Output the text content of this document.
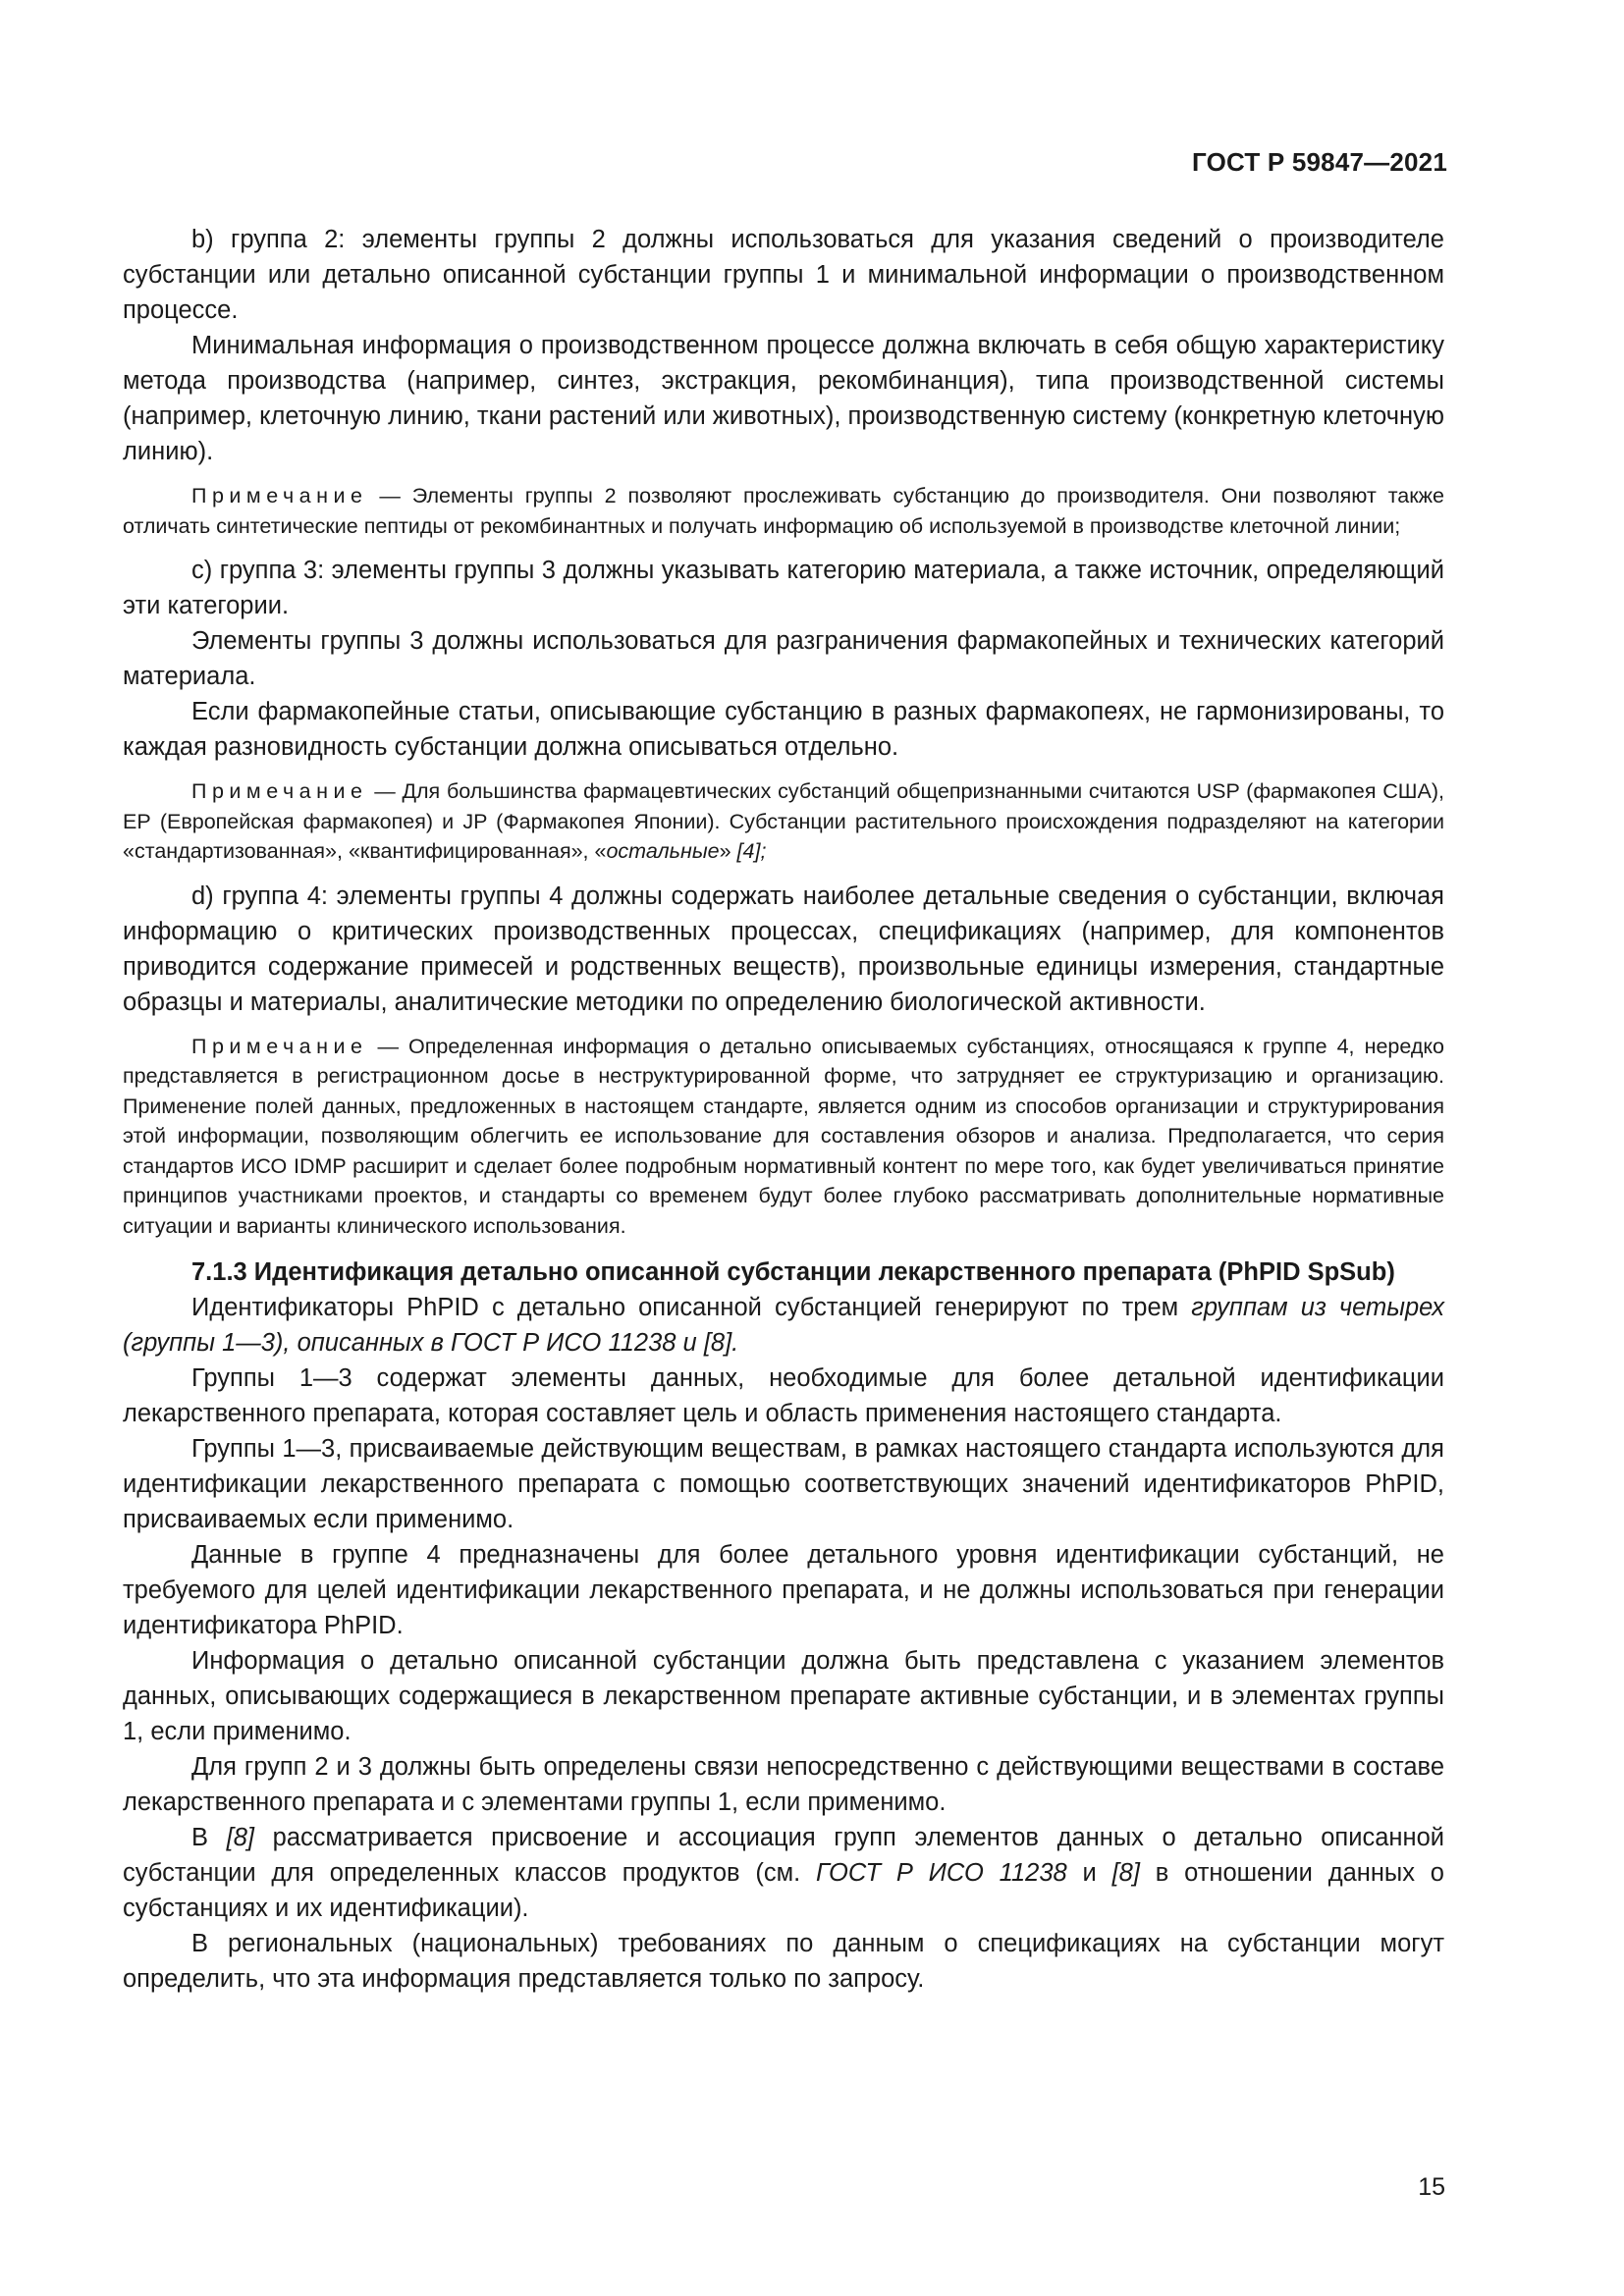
ГОСТ Р 59847—2021

b) группа 2: элементы группы 2 должны использоваться для указания сведений о производителе субстанции или детально описанной субстанции группы 1 и минимальной информации о производственном процессе.

Минимальная информация о производственном процессе должна включать в себя общую характеристику метода производства (например, синтез, экстракция, рекомбинанция), типа производственной системы (например, клеточную линию, ткани растений или животных), производственную систему (конкретную клеточную линию).

Примечание — Элементы группы 2 позволяют прослеживать субстанцию до производителя. Они позволяют также отличать синтетические пептиды от рекомбинантных и получать информацию об используемой в производстве клеточной линии;

c) группа 3: элементы группы 3 должны указывать категорию материала, а также источник, определяющий эти категории.

Элементы группы 3 должны использоваться для разграничения фармакопейных и технических категорий материала.

Если фармакопейные статьи, описывающие субстанцию в разных фармакопеях, не гармонизированы, то каждая разновидность субстанции должна описываться отдельно.

Примечание — Для большинства фармацевтических субстанций общепризнанными считаются USP (фармакопея США), ЕР (Европейская фармакопея) и JP (Фармакопея Японии). Субстанции растительного происхождения подразделяют на категории «стандартизованная», «квантифицированная», «остальные» [4];

d) группа 4: элементы группы 4 должны содержать наиболее детальные сведения о субстанции, включая информацию о критических производственных процессах, спецификациях (например, для компонентов приводится содержание примесей и родственных веществ), произвольные единицы измерения, стандартные образцы и материалы, аналитические методики по определению биологической активности.

Примечание — Определенная информация о детально описываемых субстанциях, относящаяся к группе 4, нередко представляется в регистрационном досье в неструктурированной форме, что затрудняет ее структуризацию и организацию. Применение полей данных, предложенных в настоящем стандарте, является одним из способов организации и структурирования этой информации, позволяющим облегчить ее использование для составления обзоров и анализа. Предполагается, что серия стандартов ИСО IDMP расширит и сделает более подробным нормативный контент по мере того, как будет увеличиваться принятие принципов участниками проектов, и стандарты со временем будут более глубоко рассматривать дополнительные нормативные ситуации и варианты клинического использования.

7.1.3 Идентификация детально описанной субстанции лекарственного препарата (PhPID SpSub)

Идентификаторы PhPID с детально описанной субстанцией генерируют по трем группам из четырех (группы 1—3), описанных в ГОСТ Р ИСО 11238 и [8].

Группы 1—3 содержат элементы данных, необходимые для более детальной идентификации лекарственного препарата, которая составляет цель и область применения настоящего стандарта.

Группы 1—3, присваиваемые действующим веществам, в рамках настоящего стандарта используются для идентификации лекарственного препарата с помощью соответствующих значений идентификаторов PhPID, присваиваемых если применимо.

Данные в группе 4 предназначены для более детального уровня идентификации субстанций, не требуемого для целей идентификации лекарственного препарата, и не должны использоваться при генерации идентификатора PhPID.

Информация о детально описанной субстанции должна быть представлена с указанием элементов данных, описывающих содержащиеся в лекарственном препарате активные субстанции, и в элементах группы 1, если применимо.

Для групп 2 и 3 должны быть определены связи непосредственно с действующими веществами в составе лекарственного препарата и с элементами группы 1, если применимо.

В [8] рассматривается присвоение и ассоциация групп элементов данных о детально описанной субстанции для определенных классов продуктов (см. ГОСТ Р ИСО 11238 и [8] в отношении данных о субстанциях и их идентификации).

В региональных (национальных) требованиях по данным о спецификациях на субстанции могут определить, что эта информация представляется только по запросу.

15
